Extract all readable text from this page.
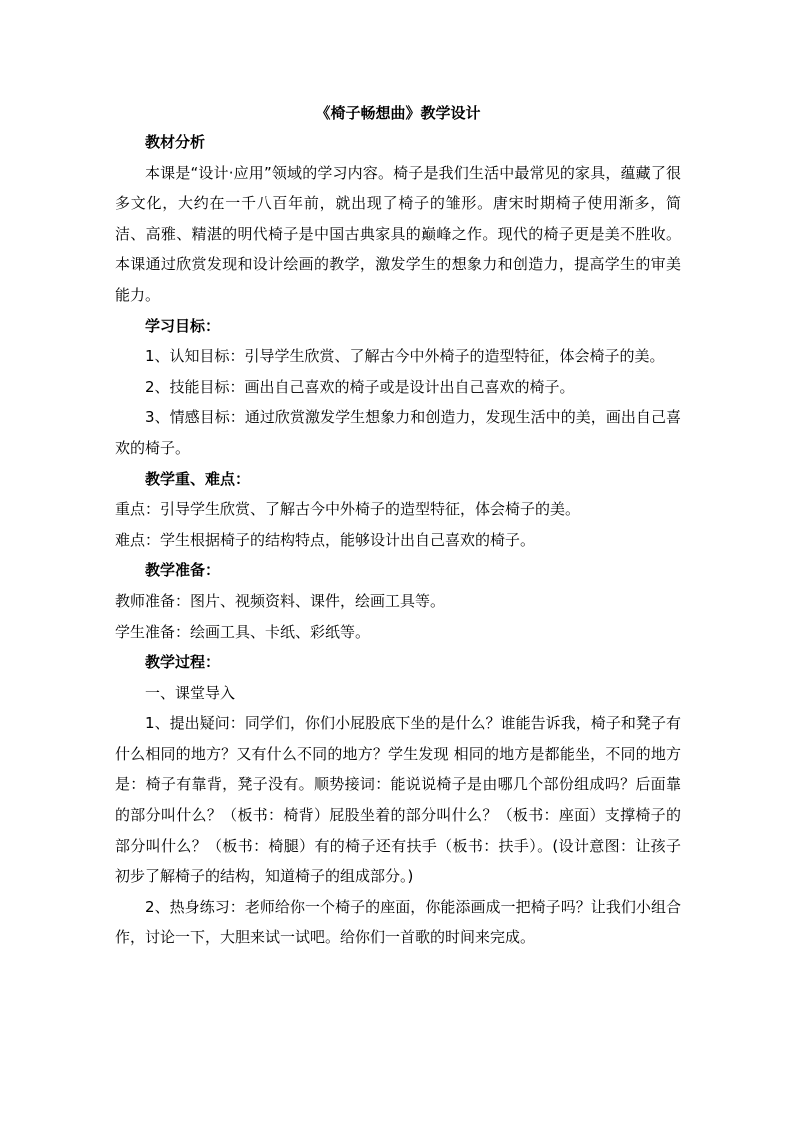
《椅子畅想曲》教学设计

教材分析

本课是“设计·应用”领域的学习内容。椅子是我们生活中最常见的家具，蕴藏了很多文化，大约在一千八百年前，就出现了椅子的雏形。唐宋时期椅子使用渐多，简洁、高雅、精湛的明代椅子是中国古典家具的巅峰之作。现代的椅子更是美不胜收。本课通过欣赏发现和设计绘画的教学，激发学生的想象力和创造力，提高学生的审美能力。

学习目标：

1、认知目标：引导学生欣赏、了解古今中外椅子的造型特征，体会椅子的美。

2、技能目标：画出自己喜欢的椅子或是设计出自己喜欢的椅子。

3、情感目标：通过欣赏激发学生想象力和创造力，发现生活中的美，画出自己喜欢的椅子。

教学重、难点：

重点：引导学生欣赏、了解古今中外椅子的造型特征，体会椅子的美。

难点：学生根据椅子的结构特点，能够设计出自己喜欢的椅子。

教学准备：

教师准备：图片、视频资料、课件，绘画工具等。

学生准备：绘画工具、卡纸、彩纸等。

教学过程：

一、课堂导入

1、提出疑问：同学们，你们小屁股底下坐的是什么？谁能告诉我，椅子和凳子有什么相同的地方？又有什么不同的地方？学生发现 相同的地方是都能坐，不同的地方是：椅子有靠背，凳子没有。顺势接词：能说说椅子是由哪几个部份组成吗？后面靠的部分叫什么？（板书：椅背）屁股坐着的部分叫什么？（板书：座面）支撑椅子的部分叫什么？（板书：椅腿）有的椅子还有扶手（板书：扶手）。(设计意图：让孩子初步了解椅子的结构，知道椅子的组成部分。)

2、热身练习：老师给你一个椅子的座面，你能添画成一把椅子吗？让我们小组合作，讨论一下，大胆来试一试吧。给你们一首歌的时间来完成。
